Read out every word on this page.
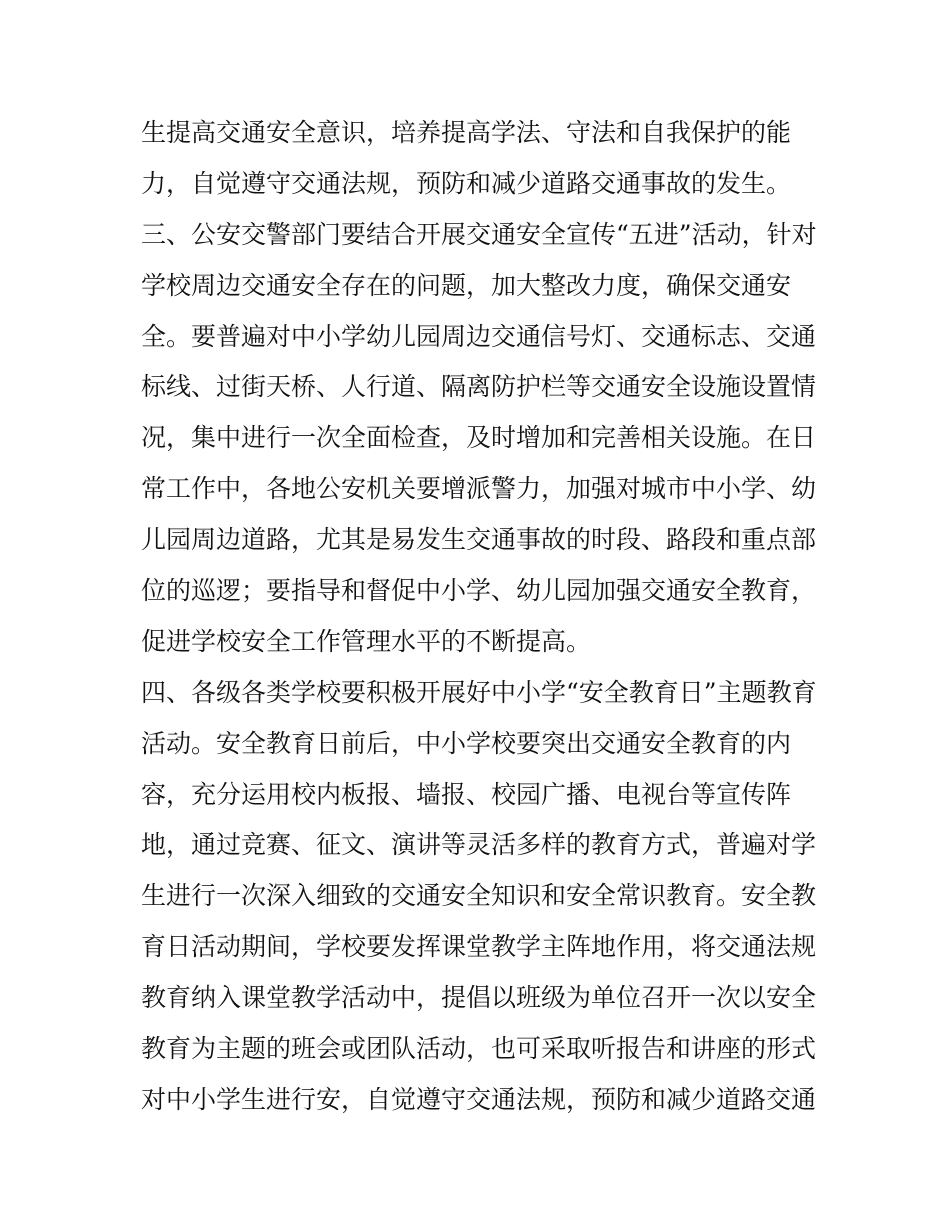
生提高交通安全意识，培养提高学法、守法和自我保护的能
力，自觉遵守交通法规，预防和减少道路交通事故的发生。
三、公安交警部门要结合开展交通安全宣传“五进”活动，针对
学校周边交通安全存在的问题，加大整改力度，确保交通安
全。要普遍对中小学幼儿园周边交通信号灯、交通标志、交通
标线、过街天桥、人行道、隔离防护栏等交通安全设施设置情
况，集中进行一次全面检查，及时增加和完善相关设施。在日
常工作中，各地公安机关要增派警力，加强对城市中小学、幼
儿园周边道路，尤其是易发生交通事故的时段、路段和重点部
位的巡逻；要指导和督促中小学、幼儿园加强交通安全教育，
促进学校安全工作管理水平的不断提高。
四、各级各类学校要积极开展好中小学“安全教育日”主题教育
活动。安全教育日前后，中小学校要突出交通安全教育的内
容，充分运用校内板报、墙报、校园广播、电视台等宣传阵
地，通过竞赛、征文、演讲等灵活多样的教育方式，普遍对学
生进行一次深入细致的交通安全知识和安全常识教育。安全教
育日活动期间，学校要发挥课堂教学主阵地作用，将交通法规
教育纳入课堂教学活动中，提倡以班级为单位召开一次以安全
教育为主题的班会或团队活动，也可采取听报告和讲座的形式
对中小学生进行安，自觉遵守交通法规，预防和减少道路交通
